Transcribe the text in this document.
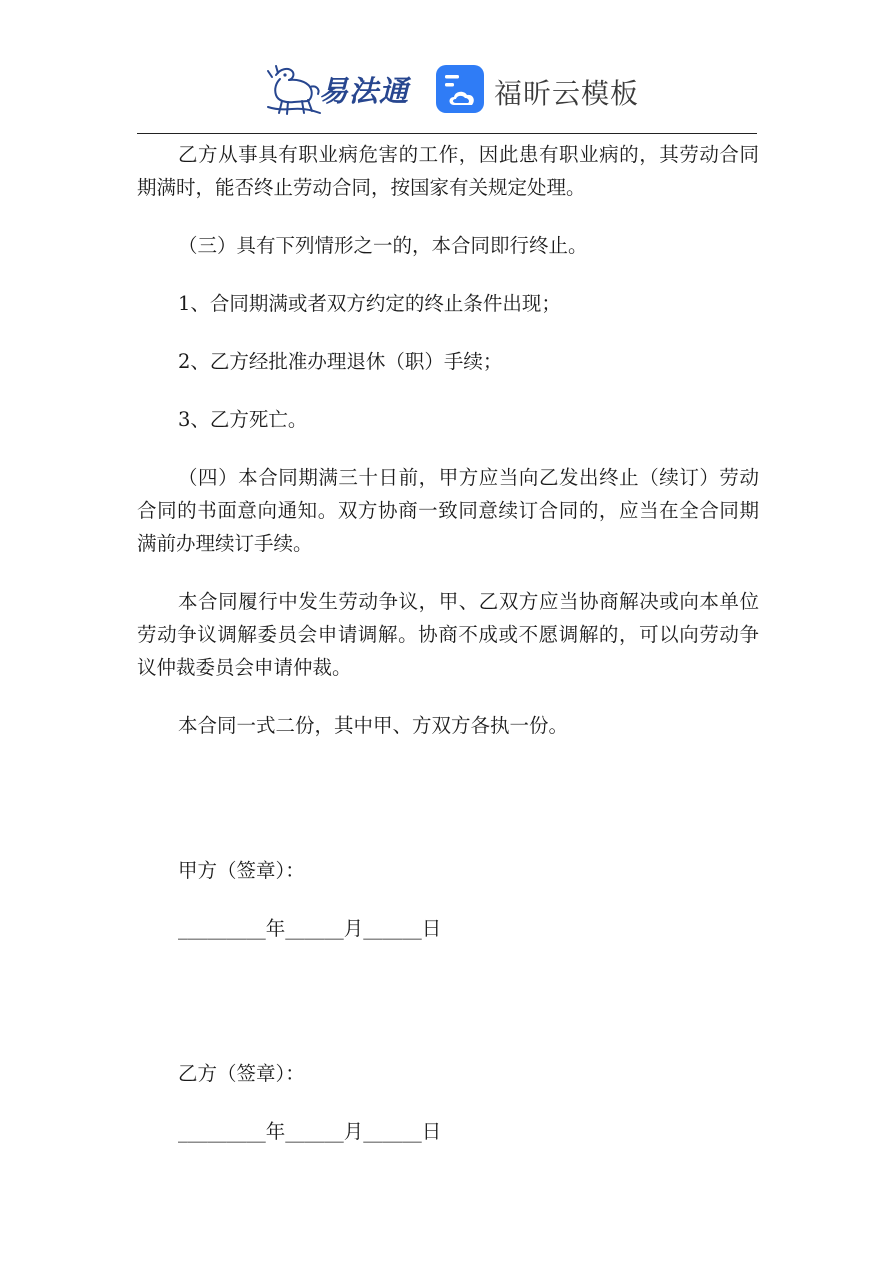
易法通	福昕云模板

乙方从事具有职业病危害的工作，因此患有职业病的，其劳动合同期满时，能否终止劳动合同，按国家有关规定处理。

（三）具有下列情形之一的，本合同即行终止。

1、合同期满或者双方约定的终止条件出现；

2、乙方经批准办理退休（职）手续；

3、乙方死亡。

（四）本合同期满三十日前，甲方应当向乙发出终止（续订）劳动合同的书面意向通知。双方协商一致同意续订合同的，应当在全合同期满前办理续订手续。

本合同履行中发生劳动争议，甲、乙双方应当协商解决或向本单位劳动争议调解委员会申请调解。协商不成或不愿调解的，可以向劳动争议仲裁委员会申请仲裁。

本合同一式二份，其中甲、方双方各执一份。

甲方（签章）：

_________年______月______日

乙方（签章）：

_________年______月______日
